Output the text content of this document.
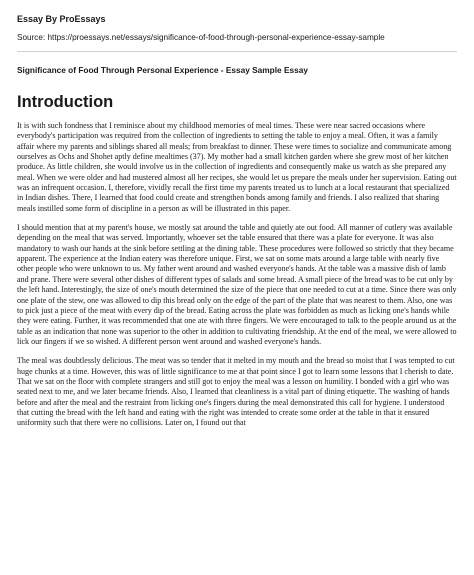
Essay By ProEssays
Source: https://proessays.net/essays/significance-of-food-through-personal-experience-essay-sample
Significance of Food Through Personal Experience - Essay Sample Essay
Introduction

It is with such fondness that I reminisce about my childhood memories of meal times. These were near sacred occasions where everybody's participation was required from the collection of ingredients to setting the table to enjoy a meal. Often, it was a family affair where my parents and siblings shared all meals; from breakfast to dinner. These were times to socialize and communicate among ourselves as Ochs and Shohet aptly define mealtimes (37). My mother had a small kitchen garden where she grew most of her kitchen produce. As little children, she would involve us in the collection of ingredients and consequently make us watch as she prepared any meal. When we were older and had mustered almost all her recipes, she would let us prepare the meals under her supervision. Eating out was an infrequent occasion. I, therefore, vividly recall the first time my parents treated us to lunch at a local restaurant that specialized in Indian dishes. There, I learned that food could create and strengthen bonds among family and friends. I also realized that sharing meals instilled some form of discipline in a person as will be illustrated in this paper.

I should mention that at my parent's house, we mostly sat around the table and quietly ate out food. All manner of cutlery was available depending on the meal that was served. Importantly, whoever set the table ensured that there was a plate for everyone. It was also mandatory to wash our hands at the sink before settling at the dining table. These procedures were followed so strictly that they became apparent. The experience at the Indian eatery was therefore unique. First, we sat on some mats around a large table with nearly five other people who were unknown to us. My father went around and washed everyone's hands. At the table was a massive dish of lamb and prane. There were several other dishes of different types of salads and some bread. A small piece of the bread was to be cut only by the left hand. Interestingly, the size of one's mouth determined the size of the piece that one needed to cut at a time. Since there was only one plate of the stew, one was allowed to dip this bread only on the edge of the part of the plate that was nearest to them. Also, one was to pick just a piece of the meat with every dip of the bread. Eating across the plate was forbidden as much as licking one's hands while they were eating. Further, it was recommended that one ate with three fingers. We were encouraged to talk to the people around us at the table as an indication that none was superior to the other in addition to cultivating friendship. At the end of the meal, we were allowed to lick our fingers if we so wished. A different person went around and washed everyone's hands.

The meal was doubtlessly delicious. The meat was so tender that it melted in my mouth and the bread so moist that I was tempted to cut huge chunks at a time. However, this was of little significance to me at that point since I got to learn some lessons that I cherish to date. That we sat on the floor with complete strangers and still got to enjoy the meal was a lesson on humility. I bonded with a girl who was seated next to me, and we later became friends. Also, I learned that cleanliness is a vital part of dining etiquette. The washing of hands before and after the meal and the restraint from licking one's fingers during the meal demonstrated this call for hygiene. I understood that cutting the bread with the left hand and eating with the right was intended to create some order at the table in that it ensured uniformity such that there were no collisions. Later on, I found out that
